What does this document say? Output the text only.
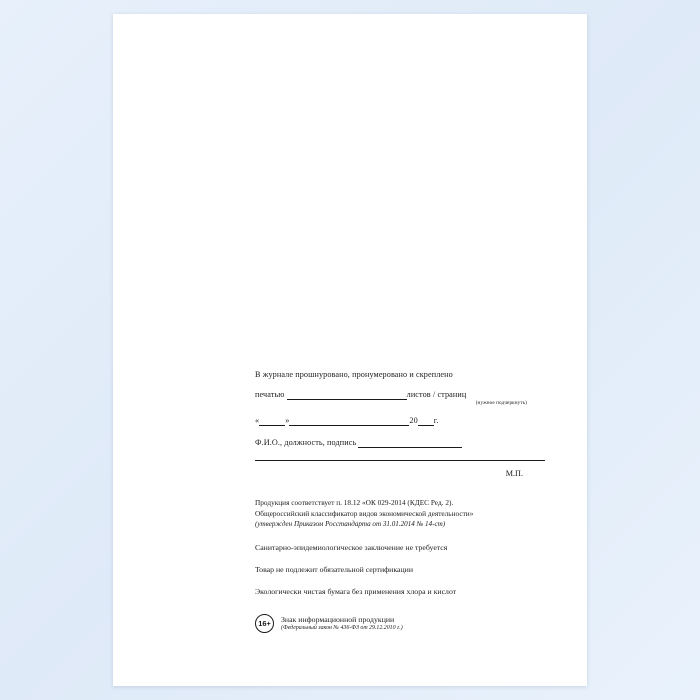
В журнале прошнуровано, пронумеровано и скреплено
печатью	листов / страниц
(нужное подчеркнуть)
«	»	20 г.
Ф.И.О., должность, подпись
М.П.
Продукция соответствует п. 18.12 «ОК 029-2014 (КДЕС Ред. 2).
Общероссийский классификатор видов экономической деятельности»
(утвержден Приказом Росстандарта от 31.01.2014 № 14-ст)
Санитарно-эпидемиологическое заключение не требуется
Товар не подлежит обязательной сертификации
Экологически чистая бумага без применения хлора и кислот
16+	Знак информационной продукции
(Федеральный закон № 436-ФЗ от 29.12.2010 г.)
